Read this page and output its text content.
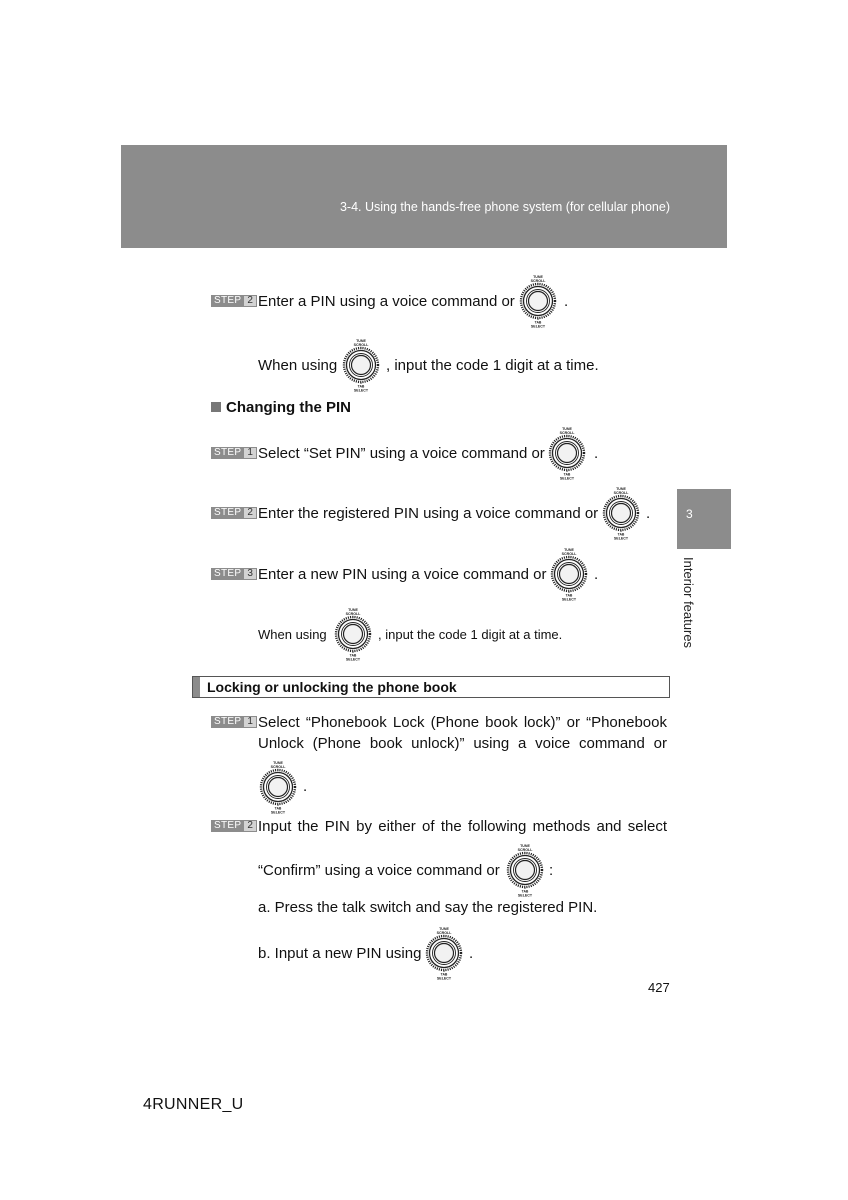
3-4. Using the hands-free phone system (for cellular phone)
3
Interior features
STEP 2 Enter a PIN using a voice command or
TUNE
SCROLL
TAB
SELECT
.
When using
TUNE
SCROLL
TAB
SELECT
, input the code 1 digit at a time.
Changing the PIN
STEP 1 Select “Set PIN” using a voice command or
TUNE
SCROLL
TAB
SELECT
.
STEP 2 Enter the registered PIN using a voice command or
TUNE
SCROLL
TAB
SELECT
.
STEP 3 Enter a new PIN using a voice command or
TUNE
SCROLL
TAB
SELECT
.
When using
TUNE
SCROLL
TAB
SELECT
, input the code 1 digit at a time.
Locking or unlocking the phone book
STEP 1 Select “Phonebook Lock (Phone book lock)” or “Phonebook
Unlock (Phone book unlock)” using a voice command or
TUNE
SCROLL
TAB
SELECT
.
STEP 2 Input the PIN by either of the following methods and select
“Confirm” using a voice command or
TUNE
SCROLL
TAB
SELECT
:
a. Press the talk switch and say the registered PIN.
b. Input a new PIN using
TUNE
SCROLL
TAB
SELECT
.
427
4RUNNER_U
